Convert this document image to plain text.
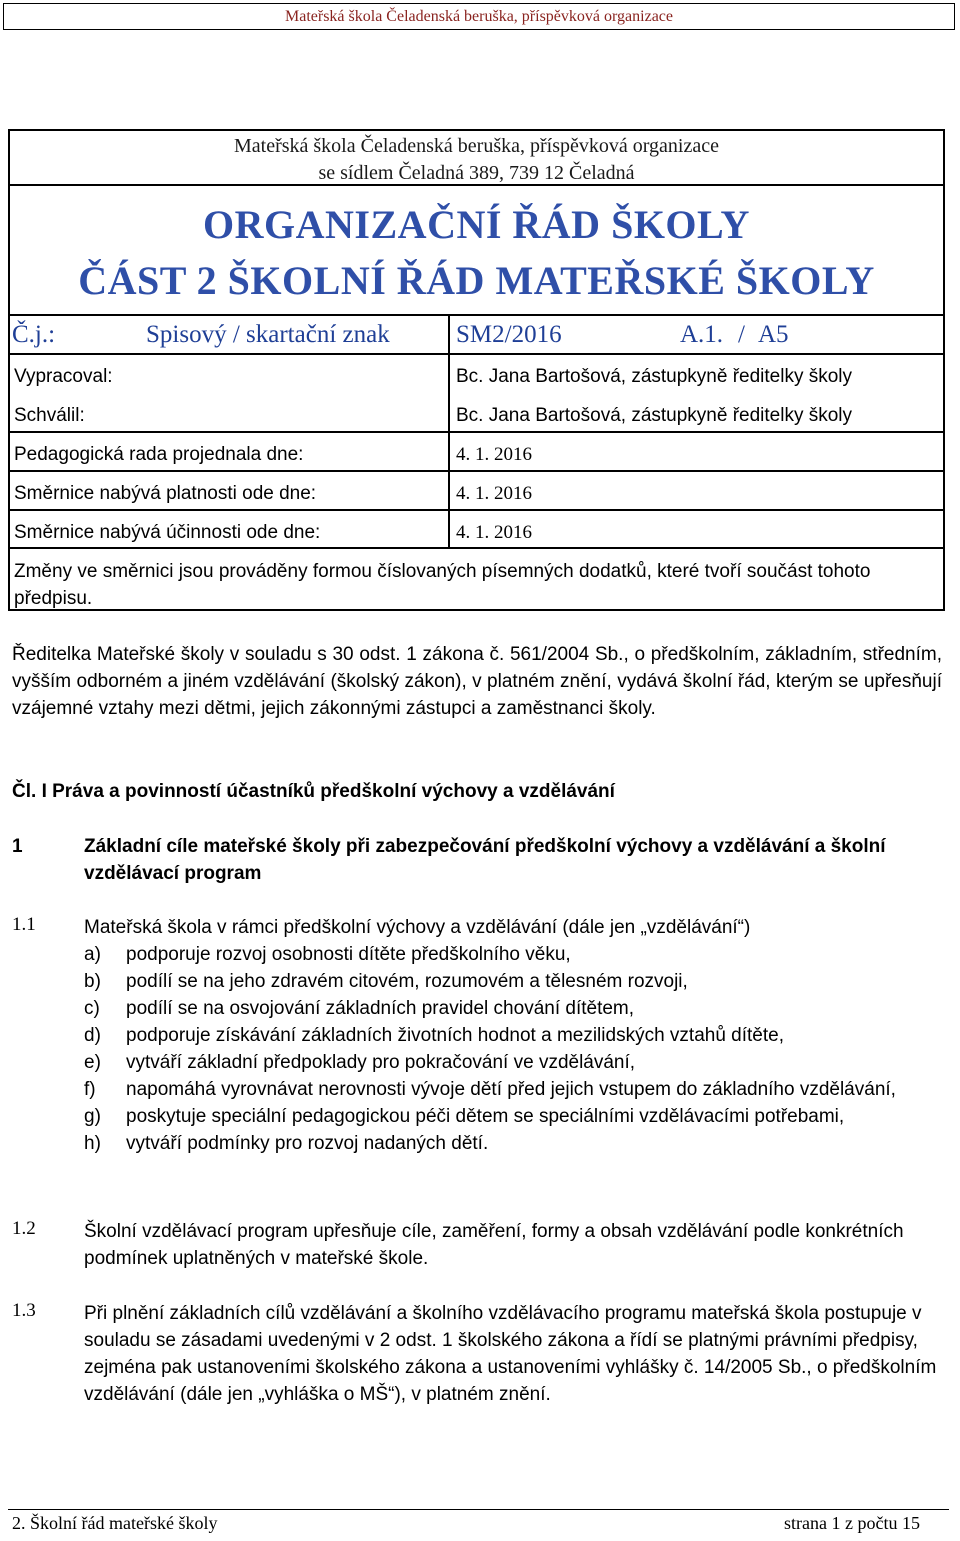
Mateřská škola Čeladenská beruška, příspěvková organizace
Mateřská škola Čeladenská beruška, příspěvková organizace
se sídlem Čeladná 389, 739 12 Čeladná
ORGANIZAČNÍ ŘÁD ŠKOLY
ČÁST 2 ŠKOLNÍ ŘÁD MATEŘSKÉ ŠKOLY
Č.j.:	Spisový / skartační znak	SM2/2016	A.1. / A5
Vypracoval:	Bc. Jana Bartošová, zástupkyně ředitelky školy
Schválil:	Bc. Jana Bartošová, zástupkyně ředitelky školy
Pedagogická rada projednala dne:	4. 1. 2016
Směrnice nabývá platnosti ode dne:	4. 1. 2016
Směrnice nabývá účinnosti ode dne:	4. 1. 2016
Změny ve směrnici jsou prováděny formou číslovaných písemných dodatků, které tvoří součást tohoto předpisu.
Ředitelka Mateřské školy v souladu s 30 odst. 1 zákona č. 561/2004 Sb., o předškolním, základním, středním, vyšším odborném a jiném vzdělávání (školský zákon), v platném znění, vydává školní řád, kterým se upřesňují vzájemné vztahy mezi dětmi, jejich zákonnými zástupci a zaměstnanci školy.
Čl. I Práva a povinností účastníků předškolní výchovy a vzdělávání
1	Základní cíle mateřské školy při zabezpečování předškolní výchovy a vzdělávání a školní vzdělávací program
1.1	Mateřská škola v rámci předškolní výchovy a vzdělávání (dále jen „vzdělávání“)
a) podporuje rozvoj osobnosti dítěte předškolního věku,
b) podílí se na jeho zdravém citovém, rozumovém a tělesném rozvoji,
c) podílí se na osvojování základních pravidel chování dítětem,
d) podporuje získávání základních životních hodnot a mezilidských vztahů dítěte,
e) vytváří základní předpoklady pro pokračování ve vzdělávání,
f) napomáhá vyrovnávat nerovnosti vývoje dětí před jejich vstupem do základního vzdělávání,
g) poskytuje speciální pedagogickou péči dětem se speciálními vzdělávacími potřebami,
h) vytváří podmínky pro rozvoj nadaných dětí.
1.2	Školní vzdělávací program upřesňuje cíle, zaměření, formy a obsah vzdělávání podle konkrétních podmínek uplatněných v mateřské škole.
1.3	Při plnění základních cílů vzdělávání a školního vzdělávacího programu mateřská škola postupuje v souladu se zásadami uvedenými v 2 odst. 1 školského zákona a řídí se platnými právními předpisy, zejména pak ustanoveními školského zákona a ustanoveními vyhlášky č. 14/2005 Sb., o předškolním vzdělávání (dále jen „vyhláška o MŠ“), v platném znění.
2. Školní řád mateřské školy	strana 1 z počtu 15
